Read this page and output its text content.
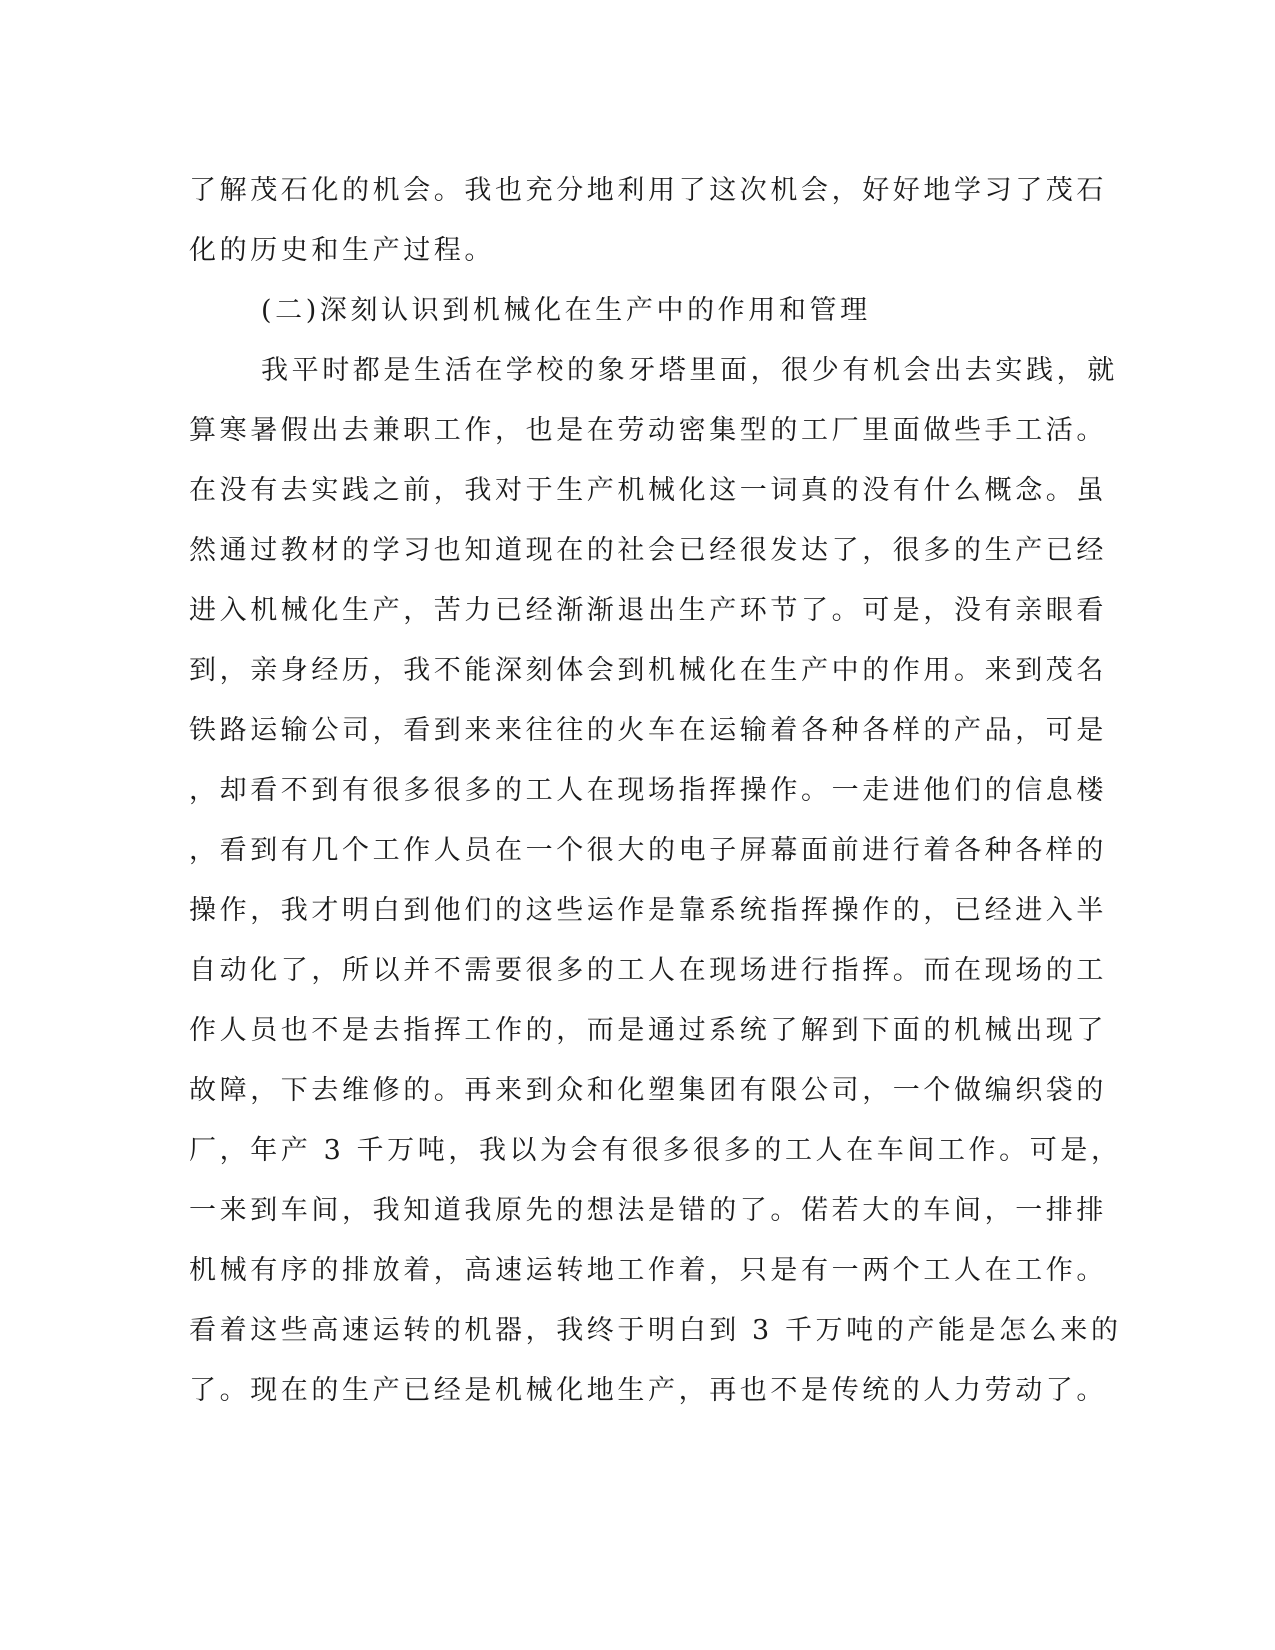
了解茂石化的机会。我也充分地利用了这次机会，好好地学习了茂石
化的历史和生产过程。
(二)深刻认识到机械化在生产中的作用和管理
我平时都是生活在学校的象牙塔里面，很少有机会出去实践，就
算寒暑假出去兼职工作，也是在劳动密集型的工厂里面做些手工活。
在没有去实践之前，我对于生产机械化这一词真的没有什么概念。虽
然通过教材的学习也知道现在的社会已经很发达了，很多的生产已经
进入机械化生产，苦力已经渐渐退出生产环节了。可是，没有亲眼看
到，亲身经历，我不能深刻体会到机械化在生产中的作用。来到茂名
铁路运输公司，看到来来往往的火车在运输着各种各样的产品，可是
，却看不到有很多很多的工人在现场指挥操作。一走进他们的信息楼
，看到有几个工作人员在一个很大的电子屏幕面前进行着各种各样的
操作，我才明白到他们的这些运作是靠系统指挥操作的，已经进入半
自动化了，所以并不需要很多的工人在现场进行指挥。而在现场的工
作人员也不是去指挥工作的，而是通过系统了解到下面的机械出现了
故障，下去维修的。再来到众和化塑集团有限公司，一个做编织袋的
厂，年产 3 千万吨，我以为会有很多很多的工人在车间工作。可是，
一来到车间，我知道我原先的想法是错的了。偌若大的车间，一排排
机械有序的排放着，高速运转地工作着，只是有一两个工人在工作。
看着这些高速运转的机器，我终于明白到 3 千万吨的产能是怎么来的
了。现在的生产已经是机械化地生产，再也不是传统的人力劳动了。
